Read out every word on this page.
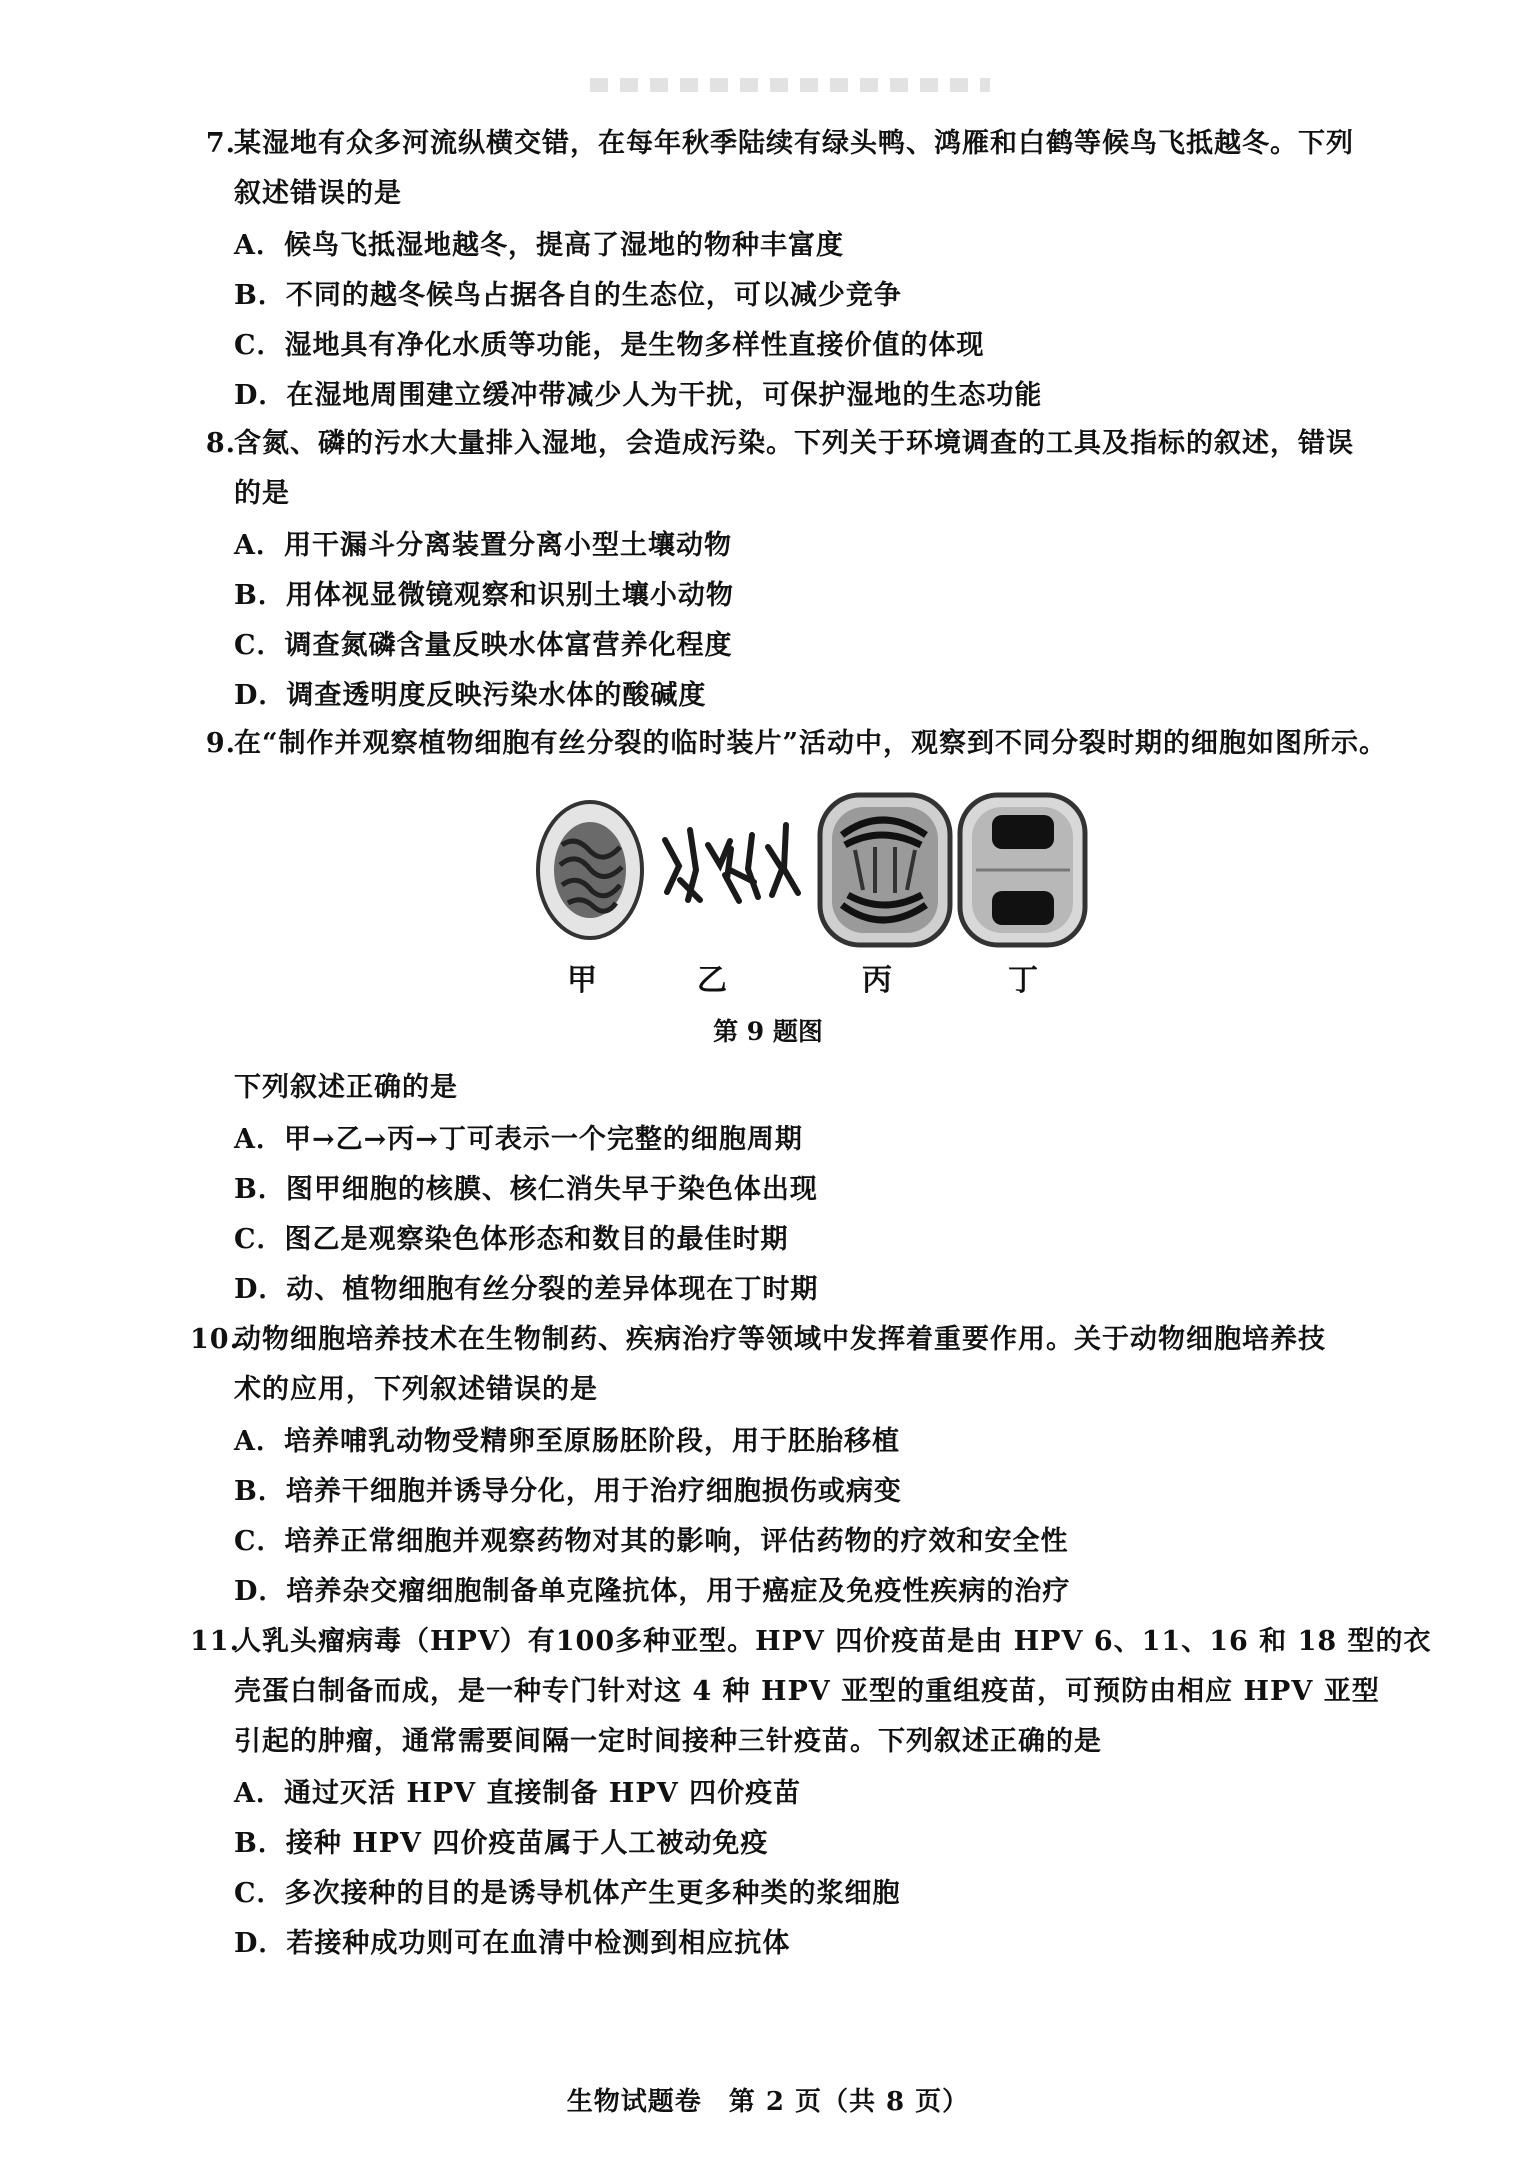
7.
某湿地有众多河流纵横交错，在每年秋季陆续有绿头鸭、鸿雁和白鹤等候鸟飞抵越冬。下列
叙述错误的是
A．候鸟飞抵湿地越冬，提高了湿地的物种丰富度
B．不同的越冬候鸟占据各自的生态位，可以减少竞争
C．湿地具有净化水质等功能，是生物多样性直接价值的体现
D．在湿地周围建立缓冲带减少人为干扰，可保护湿地的生态功能
8.
含氮、磷的污水大量排入湿地，会造成污染。下列关于环境调查的工具及指标的叙述，错误
的是
A．用干漏斗分离装置分离小型土壤动物
B．用体视显微镜观察和识别土壤小动物
C．调查氮磷含量反映水体富营养化程度
D．调查透明度反映污染水体的酸碱度
9.
在“制作并观察植物细胞有丝分裂的临时装片”活动中，观察到不同分裂时期的细胞如图所示。
甲	乙	丙	丁
第 9 题图
下列叙述正确的是
A．甲→乙→丙→丁可表示一个完整的细胞周期
B．图甲细胞的核膜、核仁消失早于染色体出现
C．图乙是观察染色体形态和数目的最佳时期
D．动、植物细胞有丝分裂的差异体现在丁时期
10.
动物细胞培养技术在生物制药、疾病治疗等领域中发挥着重要作用。关于动物细胞培养技
术的应用，下列叙述错误的是
A．培养哺乳动物受精卵至原肠胚阶段，用于胚胎移植
B．培养干细胞并诱导分化，用于治疗细胞损伤或病变
C．培养正常细胞并观察药物对其的影响，评估药物的疗效和安全性
D．培养杂交瘤细胞制备单克隆抗体，用于癌症及免疫性疾病的治疗
11.
人乳头瘤病毒（HPV）有100多种亚型。HPV 四价疫苗是由 HPV 6、11、16 和 18 型的衣
壳蛋白制备而成，是一种专门针对这 4 种 HPV 亚型的重组疫苗，可预防由相应 HPV 亚型
引起的肿瘤，通常需要间隔一定时间接种三针疫苗。下列叙述正确的是
A．通过灭活 HPV 直接制备 HPV 四价疫苗
B．接种 HPV 四价疫苗属于人工被动免疫
C．多次接种的目的是诱导机体产生更多种类的浆细胞
D．若接种成功则可在血清中检测到相应抗体
生物试题卷　第 2 页（共 8 页）
